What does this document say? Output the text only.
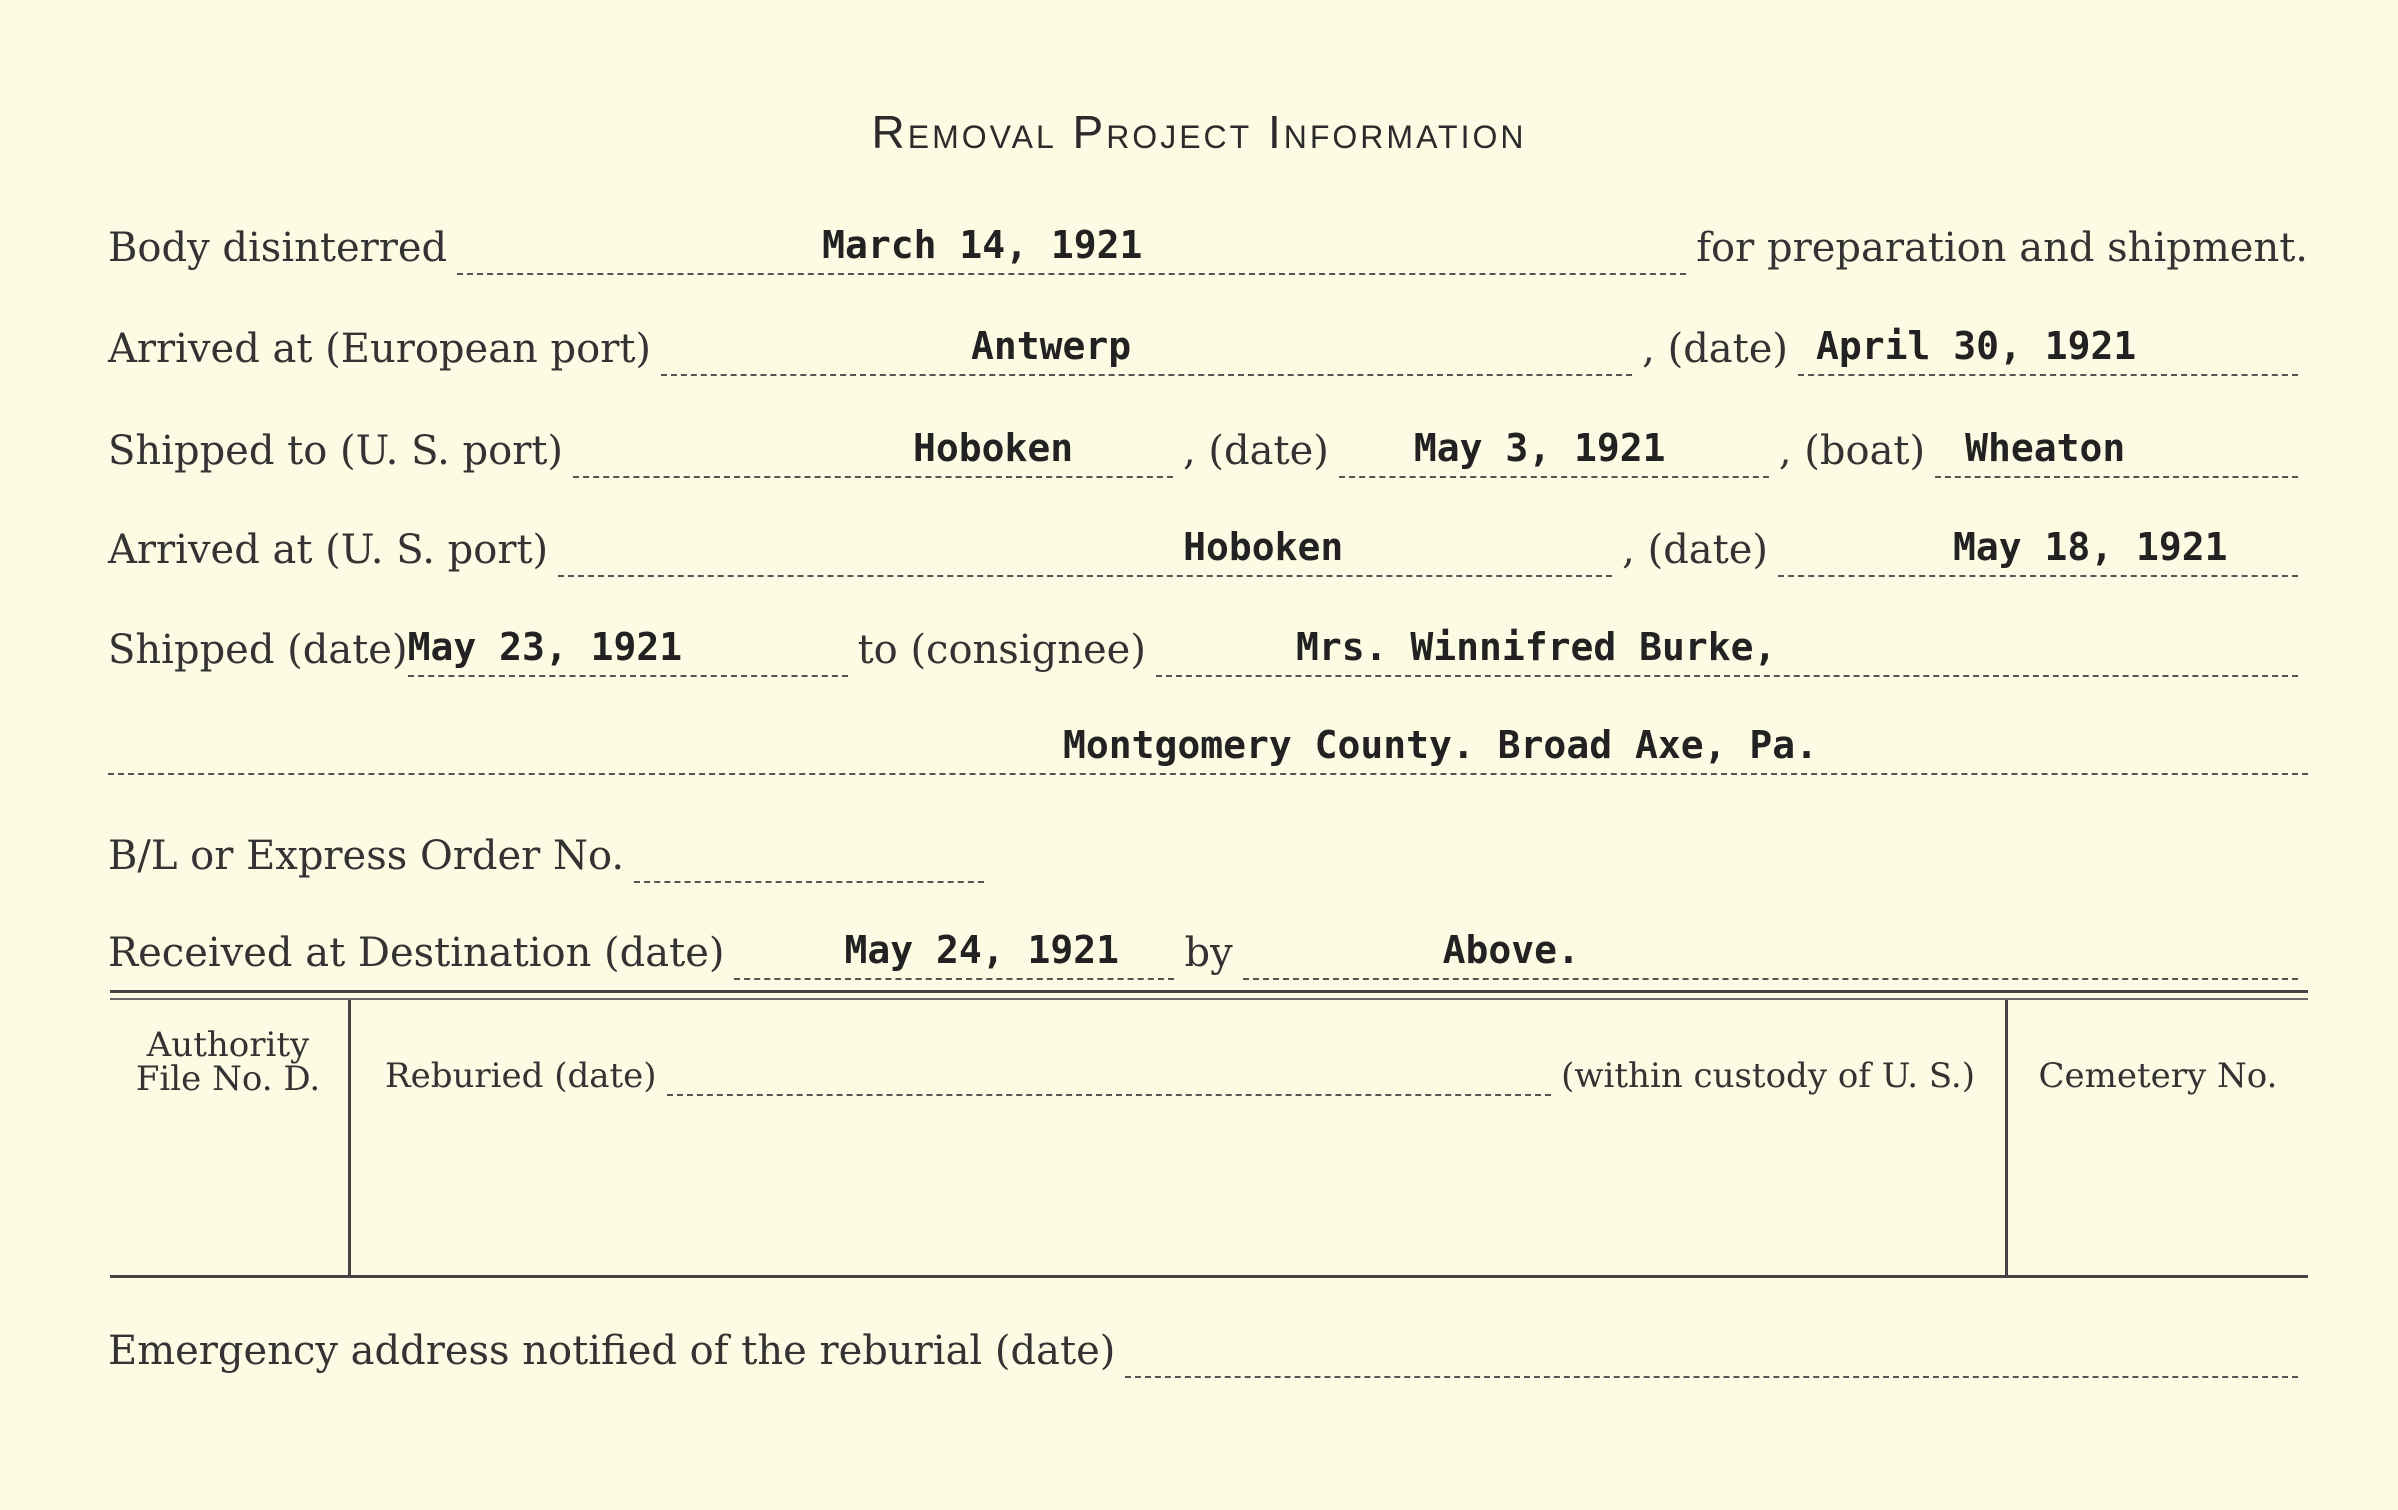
Removal Project Information
Body disinterred	March 14, 1921	for preparation and shipment.
Arrived at (European port)	Antwerp	, (date) April 30, 1921
Shipped to (U. S. port)	Hoboken	, (date) May 3, 1921	, (boat) Wheaton
Arrived at (U. S. port)	Hoboken	, (date)	May 18, 1921
Shipped (date) May 23, 1921	to (consignee)	Mrs. Winnifred Burke,
Montgomery County. Broad Axe, Pa.
B/L or Express Order No.
Received at Destination (date)	May 24, 1921 by	Above.
Authority
File No. D.	Reburied (date)	(within custody of U. S.)	Cemetery No.
Emergency address notified of the reburial (date)
